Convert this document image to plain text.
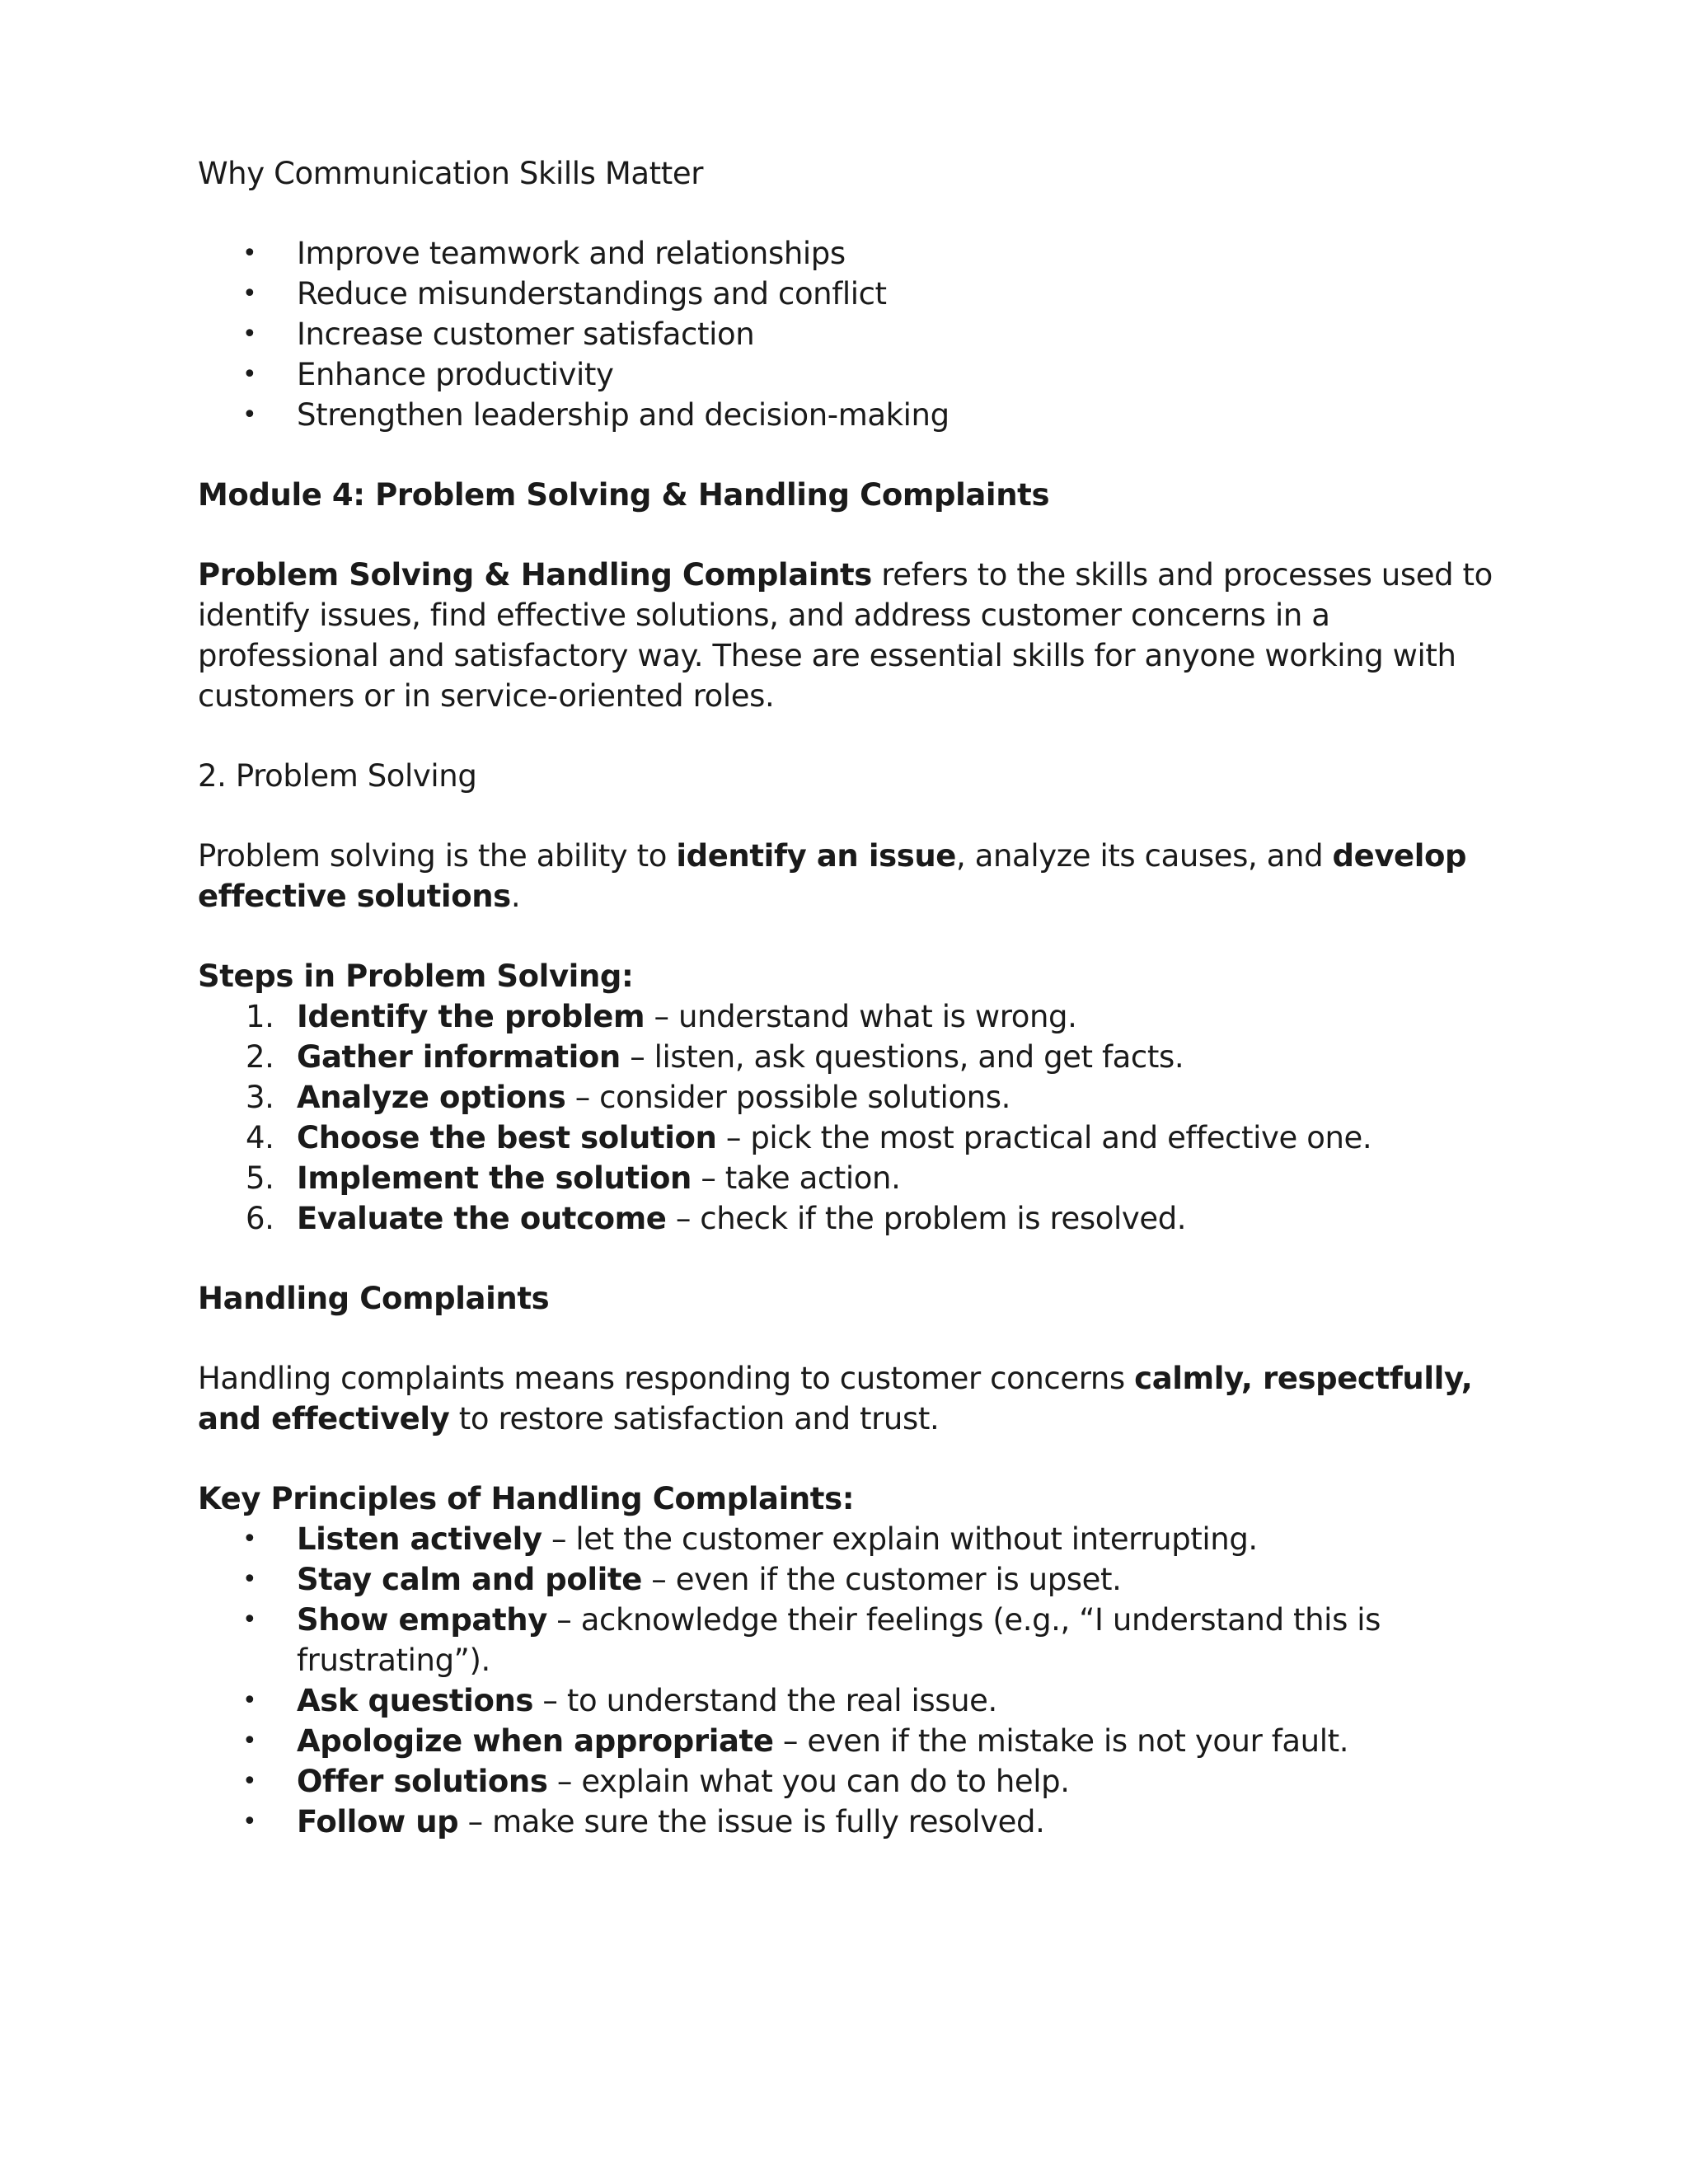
Why Communication Skills Matter

• Improve teamwork and relationships
• Reduce misunderstandings and conflict
• Increase customer satisfaction
• Enhance productivity
• Strengthen leadership and decision-making

Module 4: Problem Solving & Handling Complaints

Problem Solving & Handling Complaints refers to the skills and processes used to identify issues, find effective solutions, and address customer concerns in a professional and satisfactory way. These are essential skills for anyone working with customers or in service-oriented roles.

2. Problem Solving

Problem solving is the ability to identify an issue, analyze its causes, and develop effective solutions.

Steps in Problem Solving:

1. Identify the problem – understand what is wrong.
2. Gather information – listen, ask questions, and get facts.
3. Analyze options – consider possible solutions.
4. Choose the best solution – pick the most practical and effective one.
5. Implement the solution – take action.
6. Evaluate the outcome – check if the problem is resolved.

Handling Complaints

Handling complaints means responding to customer concerns calmly, respectfully, and effectively to restore satisfaction and trust.

Key Principles of Handling Complaints:

• Listen actively – let the customer explain without interrupting.
• Stay calm and polite – even if the customer is upset.
• Show empathy – acknowledge their feelings (e.g., “I understand this is frustrating”).
• Ask questions – to understand the real issue.
• Apologize when appropriate – even if the mistake is not your fault.
• Offer solutions – explain what you can do to help.
• Follow up – make sure the issue is fully resolved.
